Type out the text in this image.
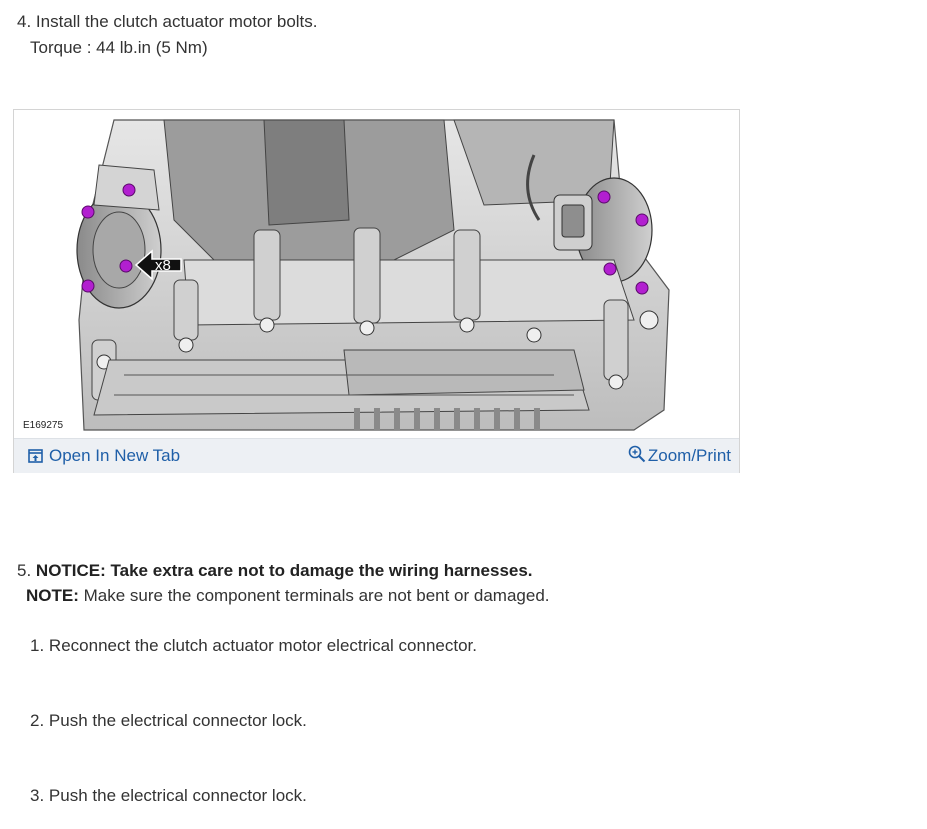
4. Install the clutch actuator motor bolts.
Torque : 44 lb.in (5 Nm)
x8
E169275
Open In New Tab	Zoom/Print
5. NOTICE: Take extra care not to damage the wiring harnesses.
NOTE: Make sure the component terminals are not bent or damaged.
1. Reconnect the clutch actuator motor electrical connector.
2. Push the electrical connector lock.
3. Push the electrical connector lock.
